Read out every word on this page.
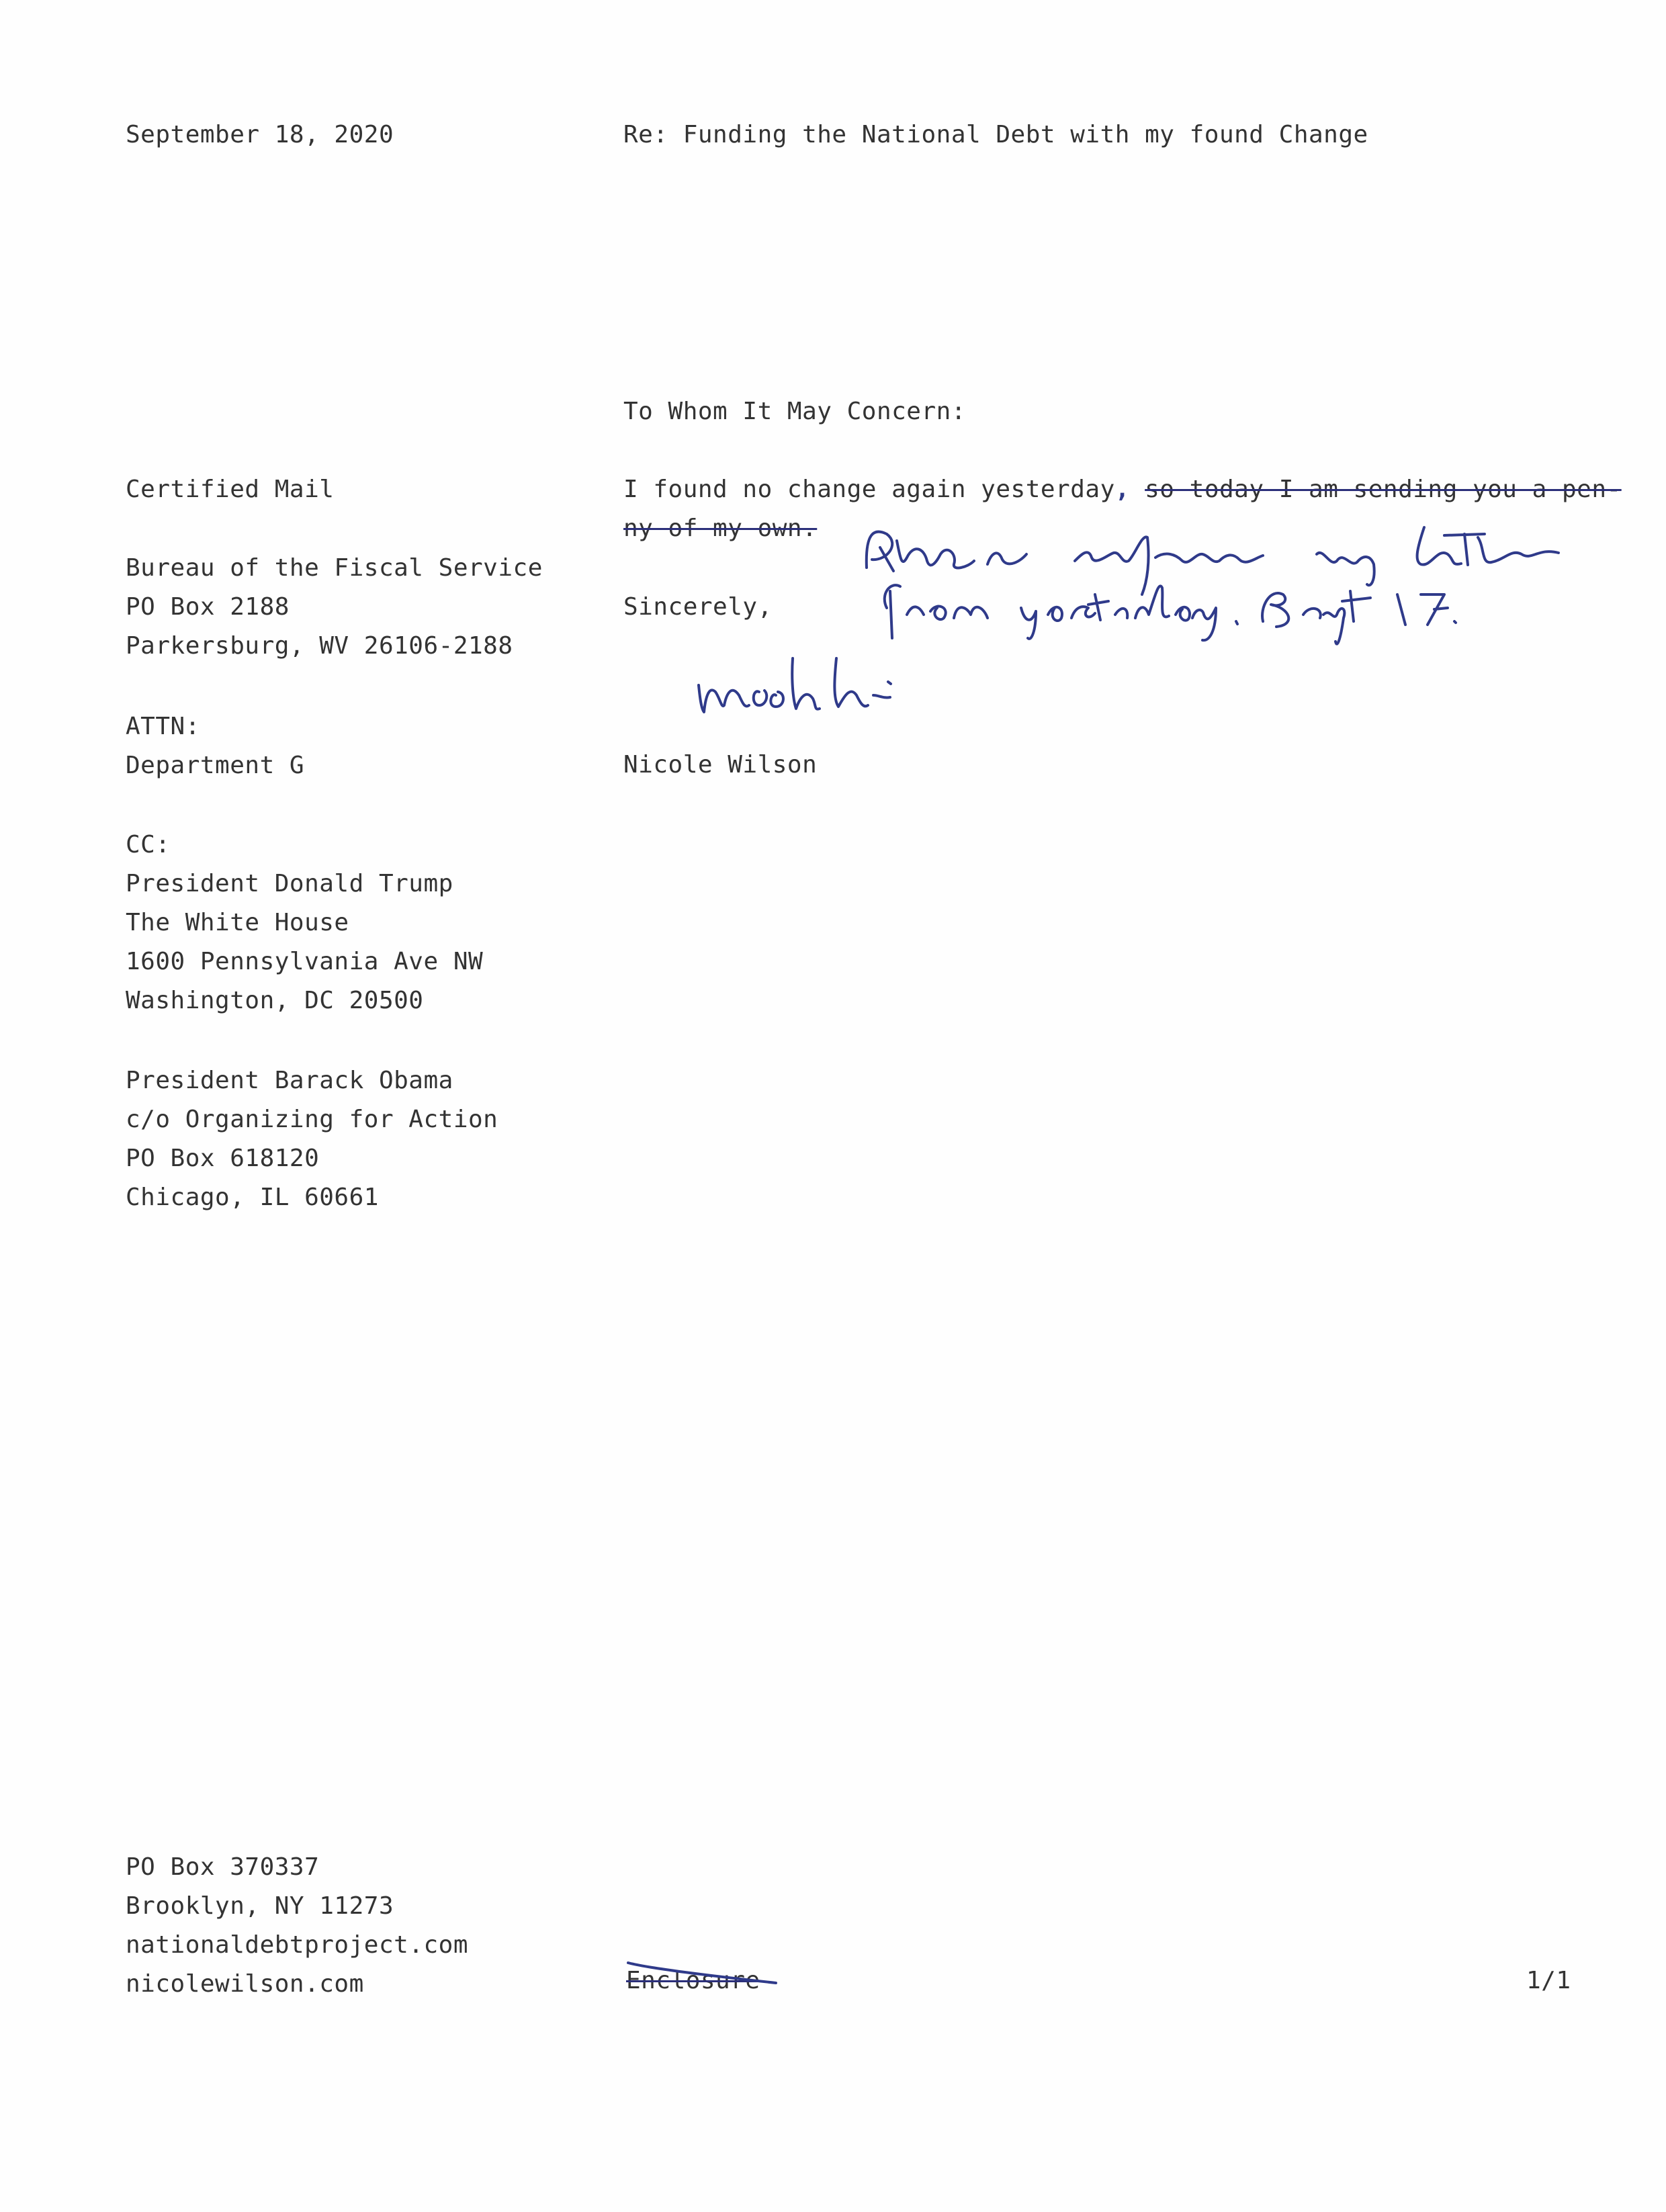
September 18, 2020	Re: Funding the National Debt with my found Change
To Whom It May Concern:
Certified Mail
Bureau of the Fiscal Service
PO Box 2188
Parkersburg, WV 26106-2188
ATTN:
Department G
CC:
President Donald Trump
The White House
1600 Pennsylvania Ave NW
Washington, DC 20500
President Barack Obama
c/o Organizing for Action
PO Box 618120
Chicago, IL 60661
I found no change again yesterday, so today I am sending you a pen-
ny of my own.
Sincerely,
Nicole Wilson
PO Box 370337
Brooklyn, NY 11273
nationaldebtproject.com
nicolewilson.com	Enclosure	1/1
